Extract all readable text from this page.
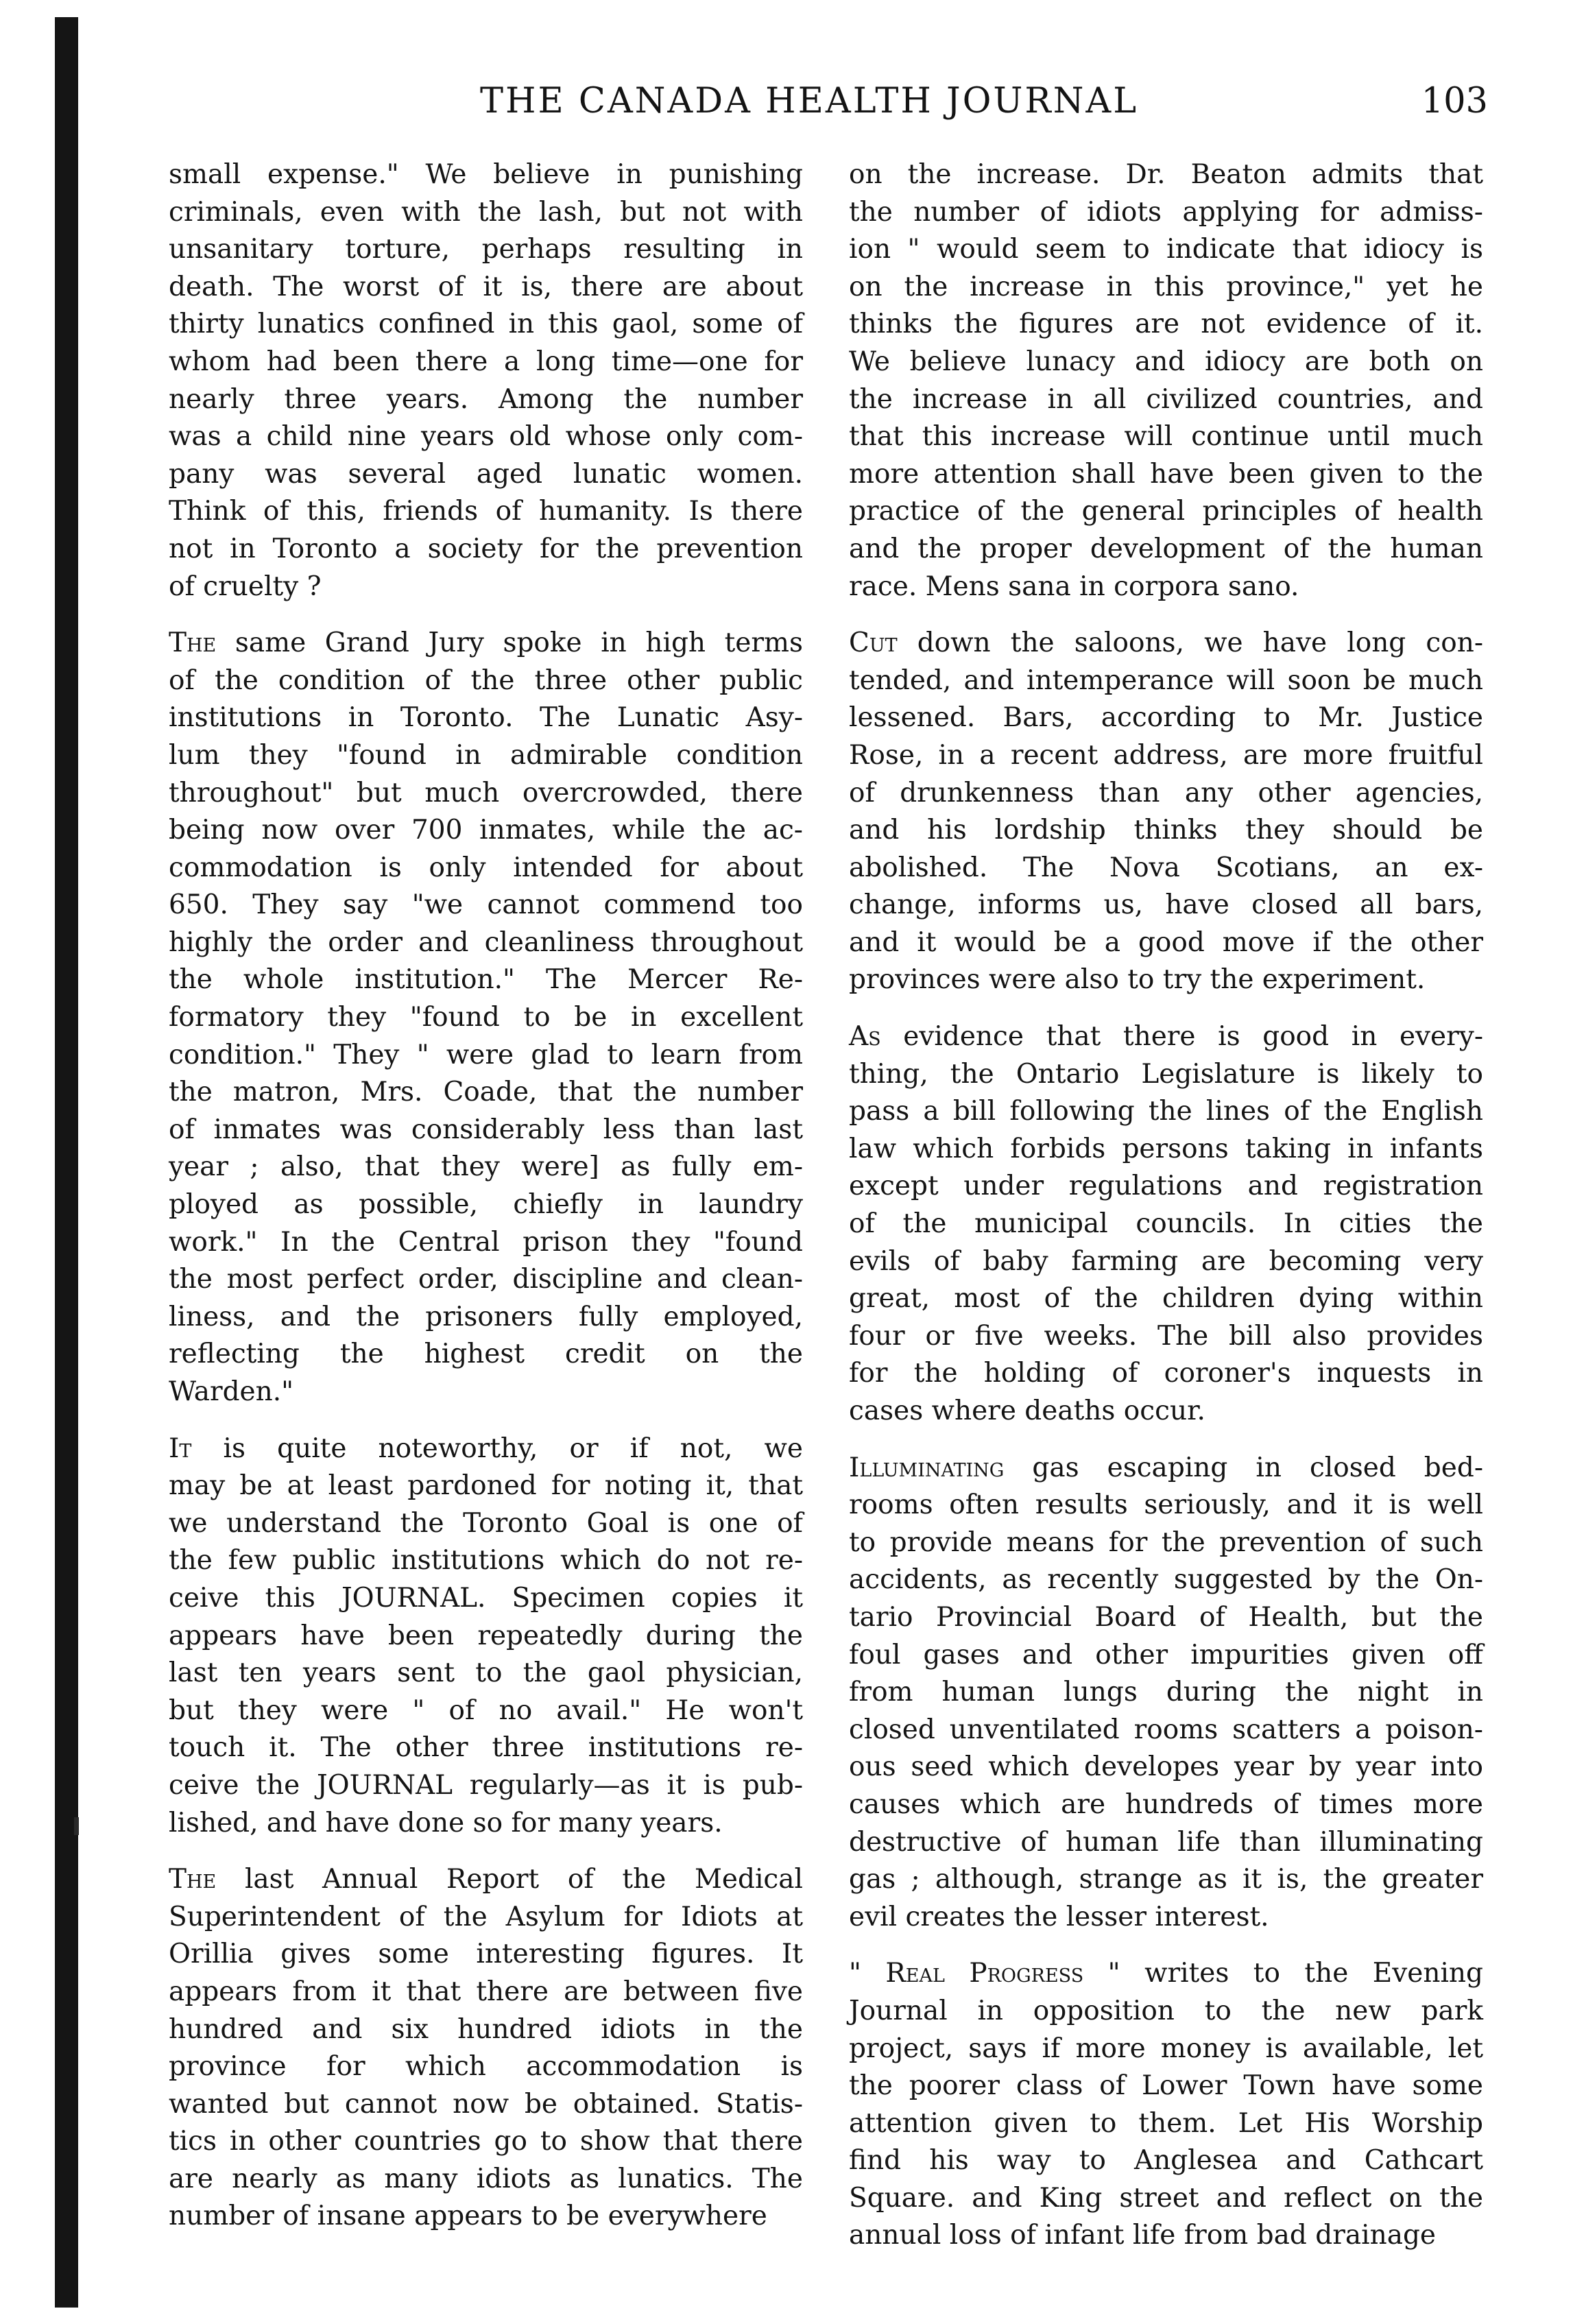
THE CANADA HEALTH JOURNAL	103
small expense." We believe in punishing
criminals, even with the lash, but not with
unsanitary torture, perhaps resulting in
death. The worst of it is, there are about
thirty lunatics confined in this gaol, some of
whom had been there a long time—one for
nearly three years. Among the number
was a child nine years old whose only com-
pany was several aged lunatic women.
Think of this, friends of humanity. Is there
not in Toronto a society for the prevention
of cruelty ?
The same Grand Jury spoke in high terms
of the condition of the three other public
institutions in Toronto. The Lunatic Asy-
lum they "found in admirable condition
throughout" but much overcrowded, there
being now over 700 inmates, while the ac-
commodation is only intended for about
650. They say "we cannot commend too
highly the order and cleanliness throughout
the whole institution." The Mercer Re-
formatory they "found to be in excellent
condition." They " were glad to learn from
the matron, Mrs. Coade, that the number
of inmates was considerably less than last
year ; also, that they were] as fully em-
ployed as possible, chiefly in laundry
work." In the Central prison they "found
the most perfect order, discipline and clean-
liness, and the prisoners fully employed,
reflecting the highest credit on the
Warden."
It is quite noteworthy, or if not, we
may be at least pardoned for noting it, that
we understand the Toronto Goal is one of
the few public institutions which do not re-
ceive this JOURNAL. Specimen copies it
appears have been repeatedly during the
last ten years sent to the gaol physician,
but they were " of no avail." He won't
touch it. The other three institutions re-
ceive the JOURNAL regularly—as it is pub-
lished, and have done so for many years.
The last Annual Report of the Medical
Superintendent of the Asylum for Idiots at
Orillia gives some interesting figures. It
appears from it that there are between five
hundred and six hundred idiots in the
province for which accommodation is
wanted but cannot now be obtained. Statis-
tics in other countries go to show that there
are nearly as many idiots as lunatics. The
number of insane appears to be everywhere
on the increase. Dr. Beaton admits that
the number of idiots applying for admiss-
ion " would seem to indicate that idiocy is
on the increase in this province," yet he
thinks the figures are not evidence of it.
We believe lunacy and idiocy are both on
the increase in all civilized countries, and
that this increase will continue until much
more attention shall have been given to the
practice of the general principles of health
and the proper development of the human
race. Mens sana in corpora sano.
Cut down the saloons, we have long con-
tended, and intemperance will soon be much
lessened. Bars, according to Mr. Justice
Rose, in a recent address, are more fruitful
of drunkenness than any other agencies,
and his lordship thinks they should be
abolished. The Nova Scotians, an ex-
change, informs us, have closed all bars,
and it would be a good move if the other
provinces were also to try the experiment.
As evidence that there is good in every-
thing, the Ontario Legislature is likely to
pass a bill following the lines of the English
law which forbids persons taking in infants
except under regulations and registration
of the municipal councils. In cities the
evils of baby farming are becoming very
great, most of the children dying within
four or five weeks. The bill also provides
for the holding of coroner's inquests in
cases where deaths occur.
Illuminating gas escaping in closed bed-
rooms often results seriously, and it is well
to provide means for the prevention of such
accidents, as recently suggested by the On-
tario Provincial Board of Health, but the
foul gases and other impurities given off
from human lungs during the night in
closed unventilated rooms scatters a poison-
ous seed which developes year by year into
causes which are hundreds of times more
destructive of human life than illuminating
gas ; although, strange as it is, the greater
evil creates the lesser interest.
" Real Progress " writes to the Evening
Journal in opposition to the new park
project, says if more money is available, let
the poorer class of Lower Town have some
attention given to them. Let His Worship
find his way to Anglesea and Cathcart
Square. and King street and reflect on the
annual loss of infant life from bad drainage
